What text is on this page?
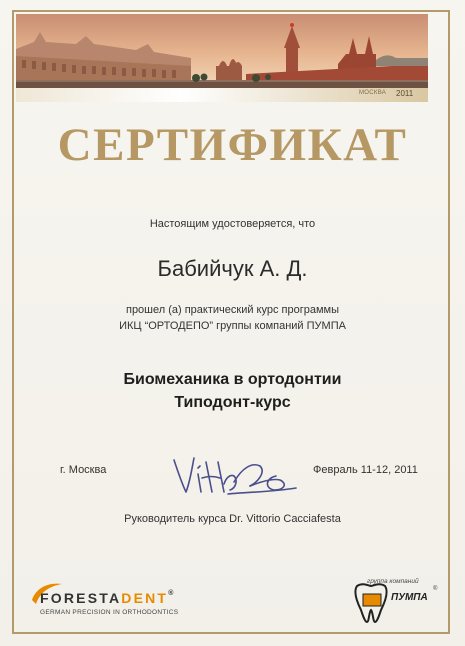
МОСКВА 2011
СЕРТИФИКАТ
Настоящим удостоверяется, что
Бабийчук А. Д.
прошел (а) практический курс программы
ИКЦ “ОРТОДЕПО” группы компаний ПУМПА
Биомеханика в ортодонтии
Типодонт-курс
г. Москва	Февраль 11-12, 2011
Руководитель курса Dr. Vittorio Cacciafesta
FORESTADENT®
GERMAN PRECISION IN ORTHODONTICS
группа компаний
®
ПУМПА
